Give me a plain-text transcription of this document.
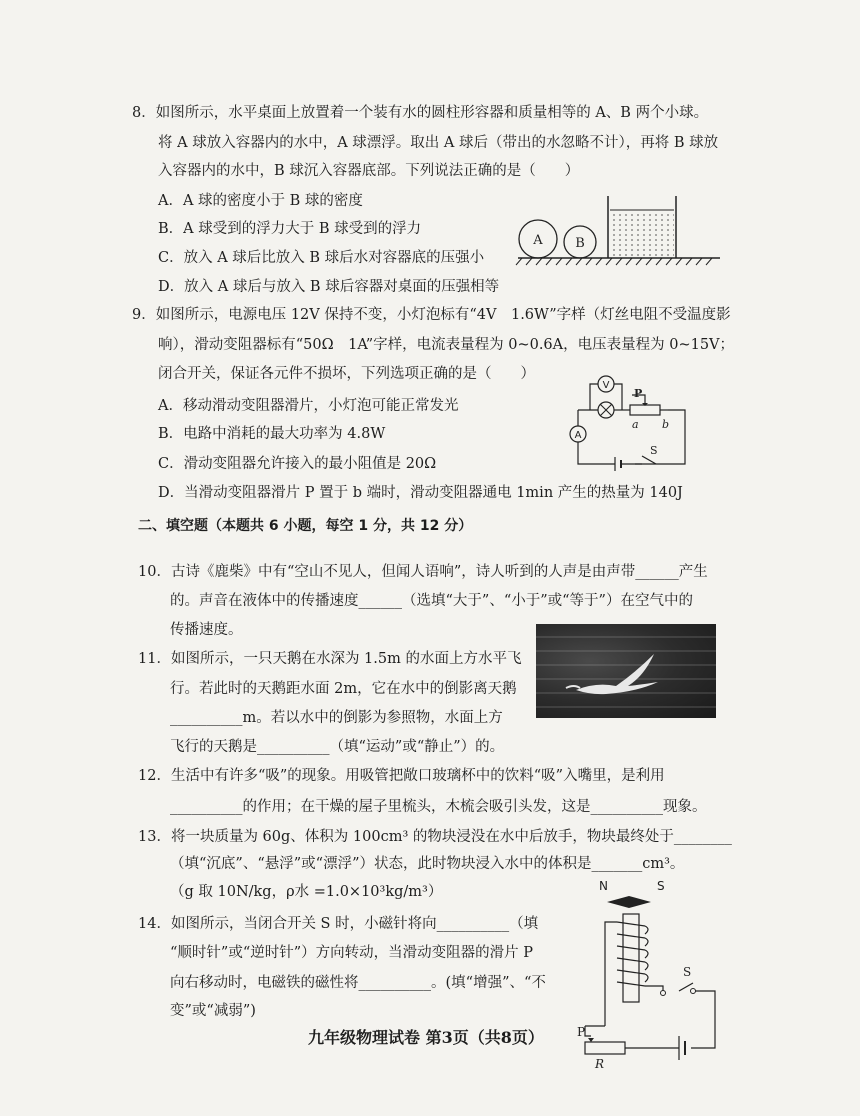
8．如图所示，水平桌面上放置着一个装有水的圆柱形容器和质量相等的 A、B 两个小球。
将 A 球放入容器内的水中，A 球漂浮。取出 A 球后（带出的水忽略不计），再将 B 球放
入容器内的水中，B 球沉入容器底部。下列说法正确的是（　　）
A．A 球的密度小于 B 球的密度
B．A 球受到的浮力大于 B 球受到的浮力
C．放入 A 球后比放入 B 球后水对容器底的压强小
D．放入 A 球后与放入 B 球后容器对桌面的压强相等
A	B
9．如图所示，电源电压 12V 保持不变，小灯泡标有“4V　1.6W”字样（灯丝电阻不受温度影
响），滑动变阻器标有“50Ω　1A”字样，电流表量程为 0~0.6A，电压表量程为 0~15V；
闭合开关，保证各元件不损坏，下列选项正确的是（　　）
A．移动滑动变阻器滑片，小灯泡可能正常发光
B．电路中消耗的最大功率为 4.8W
C．滑动变阻器允许接入的最小阻值是 20Ω
D．当滑动变阻器滑片 P 置于 b 端时，滑动变阻器通电 1min 产生的热量为 140J
V
A
P
a b
S
二、填空题（本题共 6 小题，每空 1 分，共 12 分）
10．古诗《鹿柴》中有“空山不见人，但闻人语响”，诗人听到的人声是由声带______产生
的。声音在液体中的传播速度______（选填“大于”、“小于”或“等于”）在空气中的
传播速度。
11．如图所示，一只天鹅在水深为 1.5m 的水面上方水平飞
行。若此时的天鹅距水面 2m，它在水中的倒影离天鹅
__________m。若以水中的倒影为参照物，水面上方
飞行的天鹅是__________（填“运动”或“静止”）的。
12．生活中有许多“吸”的现象。用吸管把敞口玻璃杯中的饮料“吸”入嘴里，是利用
__________的作用；在干燥的屋子里梳头，木梳会吸引头发，这是__________现象。
13．将一块质量为 60g、体积为 100cm³ 的物块浸没在水中后放手，物块最终处于________
（填“沉底”、“悬浮”或“漂浮”）状态，此时物块浸入水中的体积是_______cm³。
（g 取 10N/kg，ρ水 =1.0×10³kg/m³）
14．如图所示，当闭合开关 S 时，小磁针将向__________（填
“顺时针”或“逆时针”）方向转动，当滑动变阻器的滑片 P
向右移动时，电磁铁的磁性将__________。(填“增强”、“不
变”或“减弱”)
N	S
S
P
R
九年级物理试卷 第3页（共8页）
